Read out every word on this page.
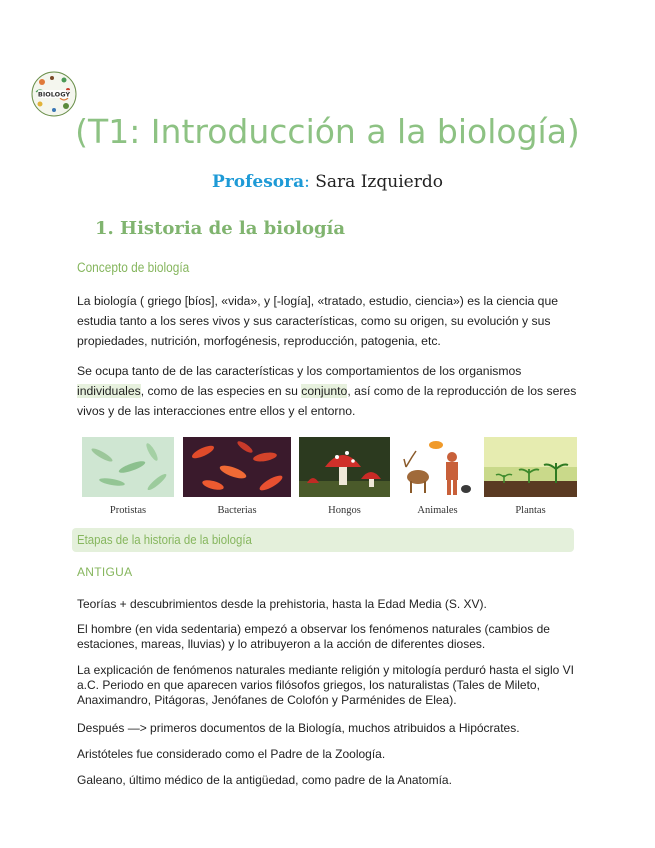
BIOLOGY
(T1: Introducción a la biología)
Profesora: Sara Izquierdo
1. Historia de la biología
Concepto de biología
La biología ( griego [bíos], «vida», y [-logía], «tratado, estudio, ciencia») es la ciencia que estudia tanto a los seres vivos y sus características, como su origen, su evolución y sus propiedades, nutrición, morfogénesis, reproducción, patogenia, etc.
Se ocupa tanto de de las características y los comportamientos de los organismos individuales, como de las especies en su conjunto, así como de la reproducción de los seres vivos y de las interacciones entre ellos y el entorno.
Protistas	Bacterias	Hongos	Animales	Plantas
Etapas de la historia de la biología
ANTIGUA
Teorías + descubrimientos desde la prehistoria, hasta la Edad Media (S. XV).
El hombre (en vida sedentaria) empezó a observar los fenómenos naturales (cambios de estaciones, mareas, lluvias) y lo atribuyeron a la acción de diferentes dioses.
La explicación de fenómenos naturales mediante religión y mitología perduró hasta el siglo VI a.C. Periodo en que aparecen varios filósofos griegos, los naturalistas (Tales de Mileto, Anaximandro, Pitágoras, Jenófanes de Colofón y Parménides de Elea).
Después —> primeros documentos de la Biología, muchos atribuidos a Hipócrates.
Aristóteles fue considerado como el Padre de la Zoología.
Galeano, último médico de la antigüedad, como padre de la Anatomía.
